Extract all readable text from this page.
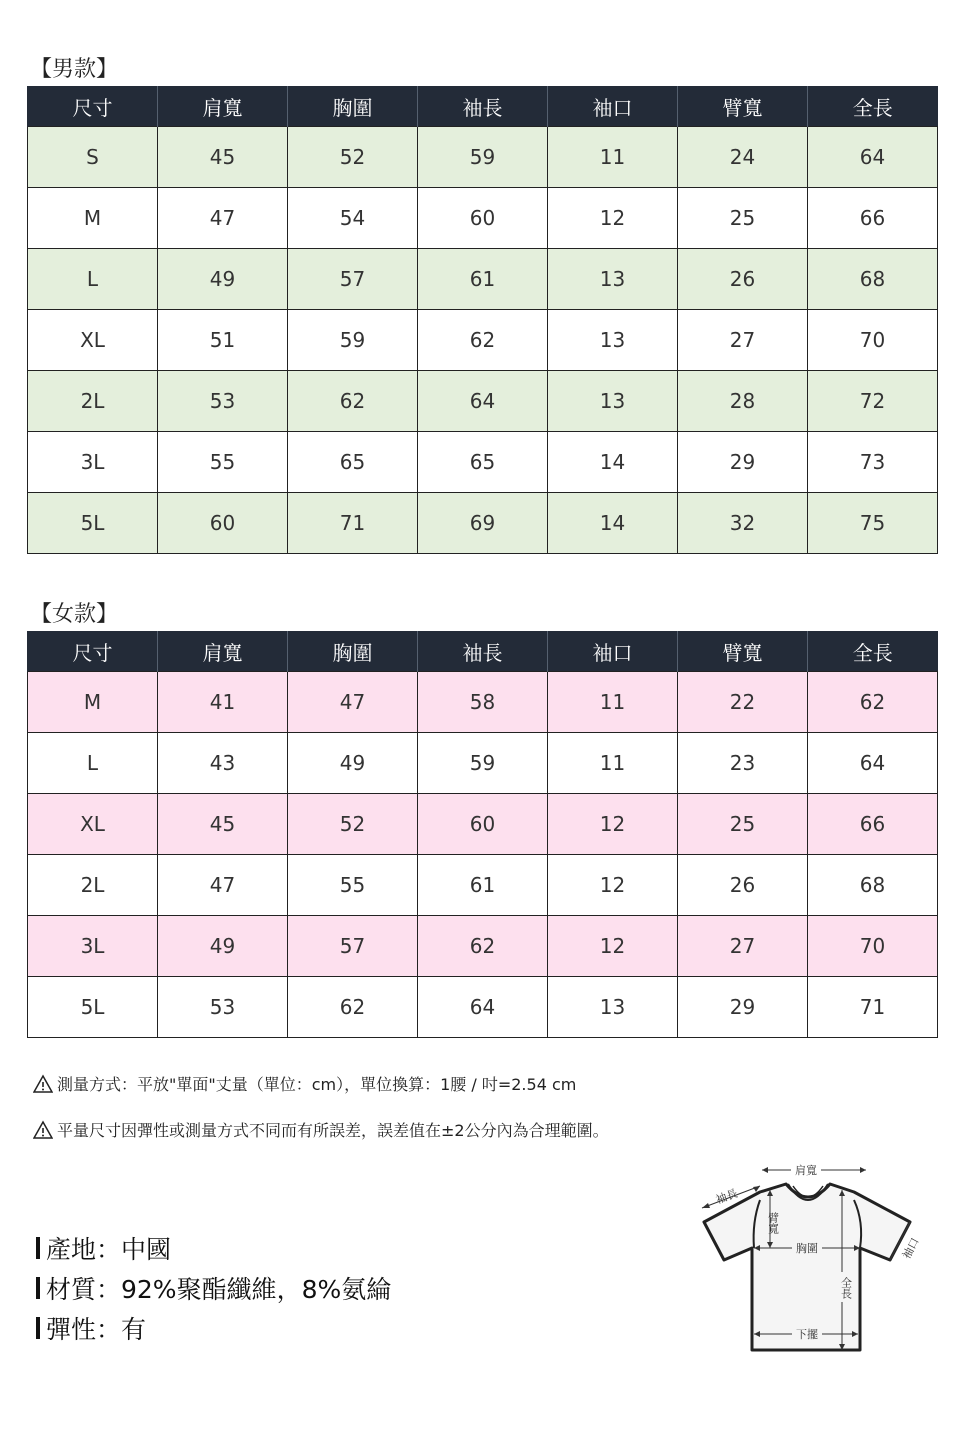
【男款】
尺寸	肩寬	胸圍	袖長	袖口	臂寬	全長
S	45	52	59	11	24	64
M	47	54	60	12	25	66
L	49	57	61	13	26	68
XL	51	59	62	13	27	70
2L	53	62	64	13	28	72
3L	55	65	65	14	29	73
5L	60	71	69	14	32	75
【女款】
尺寸	肩寬	胸圍	袖長	袖口	臂寬	全長
M	41	47	58	11	22	62
L	43	49	59	11	23	64
XL	45	52	60	12	25	66
2L	47	55	61	12	26	68
3L	49	57	62	12	27	70
5L	53	62	64	13	29	71
測量方式：平放"單面"丈量（單位：cm），單位換算：1腰 / 吋=2.54 cm
平量尺寸因彈性或測量方式不同而有所誤差，誤差值在±2公分內為合理範圍。
產地：中國
材質：92%聚酯纖維，8%氨綸
彈性：有
肩寬
袖長
臂寬
胸圍	袖口
全長
下擺
